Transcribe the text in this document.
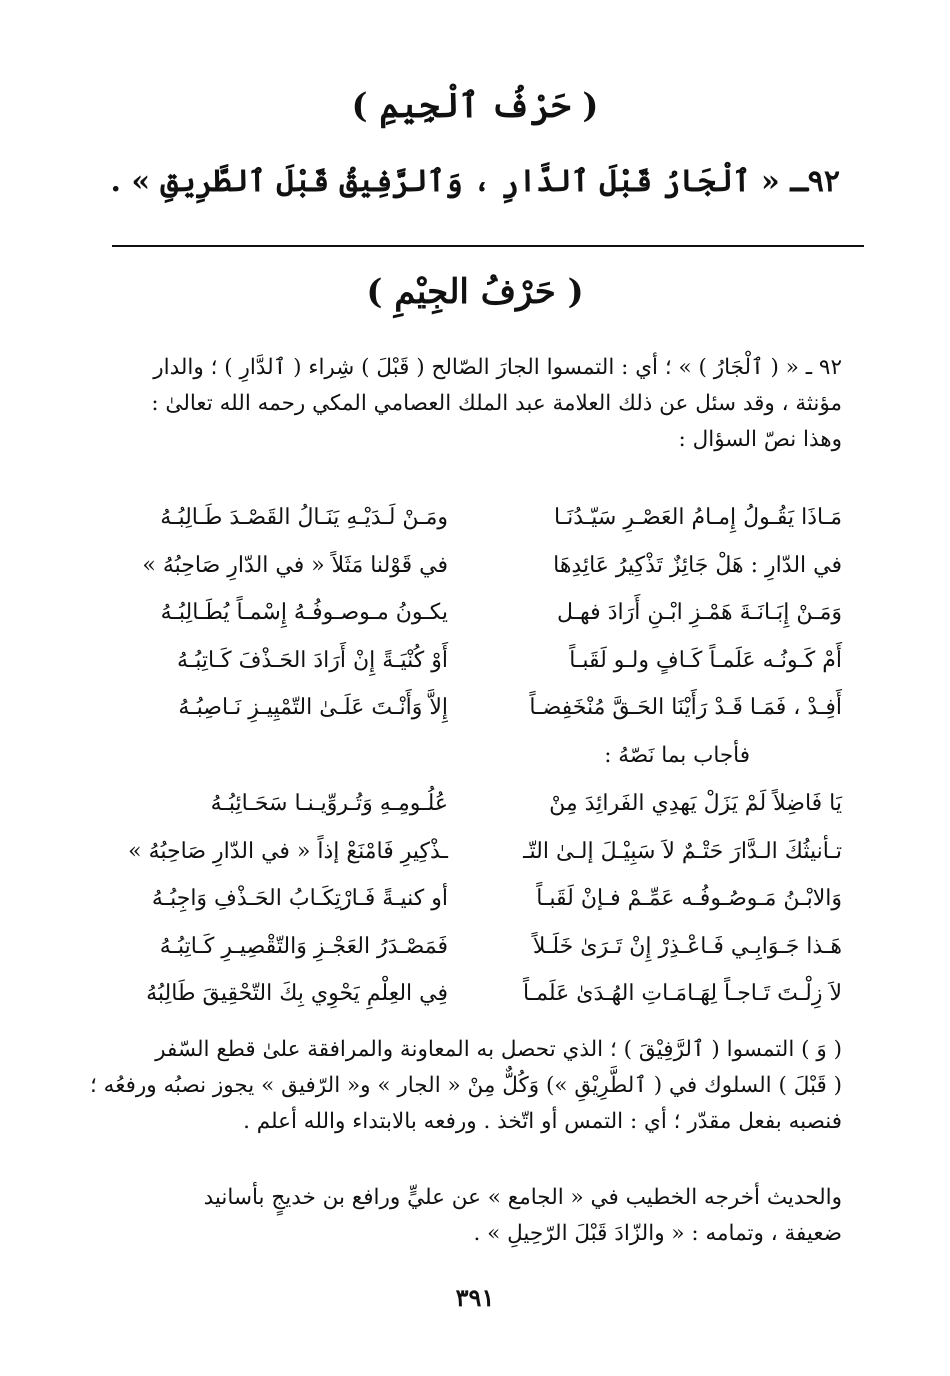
( حَرْفُ ٱلْجِيمِ )
٩٢ـ « ٱلْجَارُ قَبْلَ ٱلدَّارِ ، وَٱلرَّفِيقُ قَبْلَ ٱلطَّرِيقِ » .
( حَرْفُ الجِيْمِ )
٩٢ ـ « ( ٱلْجَارُ ) » ؛ أي : التمسوا الجارَ الصّالح ( قَبْلَ ) شِراء ( ٱلدَّارِ ) ؛ والدار
مؤنثة ، وقد سئل عن ذلك العلامة عبد الملك العصامي المكي رحمه الله تعالىٰ :
وهذا نصّ السؤال :
مَـاذَا يَقُـولُ إِمـامُ العَصْـرِ سَيّـدُنَـا
ومَـنْ لَـدَيْـهِ يَنَـالُ القَصْـدَ طَـالِبُـهُ
في الدّارِ : هَلْ جَائِزٌ تَذْكِيرُ عَائِدِهَا
في قَوْلنا مَثَلاً « في الدّارِ صَاحِبُهُ »
وَمَـنْ إِبَـانَـةَ هَمْـزِ ابْـنِ أَرَادَ فهـل
يكـونُ مـوصـوفُـهُ إِسْمـاً يُطَـالِبُـهُ
أَمْ كَـونُـه عَلَمـاً كَـافٍ ولـو لَقَبـاً
أَوْ كُنْيَـةً إِنْ أَرَادَ الحَـذْفَ كَـاتِبُـهُ
أَفِـدْ ، فَمَـا قَـدْ رَأَيْنَا الحَـقَّ مُنْخَفِضـاً
إِلاَّ وَأَنْـتَ عَلَـىٰ التّمْيِيـزِ نَـاصِبُـهُ
فأجاب بما نَصّهُ :
يَا فَاضِلاً لَمْ يَزَلْ يَهدِي الفَرائِدَ مِنْ
عُلُـومِـهِ وَتُـروِّيـنـا سَحَـائِبُـهُ
تـأنيثُكَ الـدَّارَ حَتْـمٌ لاَ سَبِيْـلَ إلـىٰ التّـ
ـذْكِيرِ فَامْنَعْ إذاً « في الدّارِ صَاحِبُهُ »
وَالابْـنُ مَـوصُـوفُـه عَمِّـمْ فـإنْ لَقَبـاً
أو كنيـةً فَـارْتِكَـابُ الحَـذْفِ وَاجِبُـهُ
هَـذا جَـوَابِـي فَـاعْـذِرْ إِنْ تَـرَىٰ خَلَـلاً
فَمَصْـدَرُ العَجْـزِ وَالتّقْصِيـرِ كَـاتِبُـهُ
لاَ زِلْـتَ تَـاجـاً لِهَـامَـاتِ الهُـدَىٰ عَلَمـاً
فِي العِلْمِ يَحْوِي بِكَ التّحْقِيقَ طَالِبُهُ
( وَ ) التمسوا ( ٱلرَّفِيْقَ ) ؛ الذي تحصل به المعاونة والمرافقة علىٰ قطع السّفر
( قَبْلَ ) السلوك في ( ٱلطَّرِيْقِ ») وَكُلٌّ مِنْ « الجار » و« الرّفيق » يجوز نصبُه ورفعُه ؛
فنصبه بفعل مقدّر ؛ أي : التمس أو اتّخذ . ورفعه بالابتداء والله أعلم .
والحديث أخرجه الخطيب في « الجامع » عن عليٍّ ورافع بن خديجٍ بأسانيد
ضعيفة ، وتمامه : « والزّادَ قَبْلَ الرّحِيلِ » .
٣٩١
